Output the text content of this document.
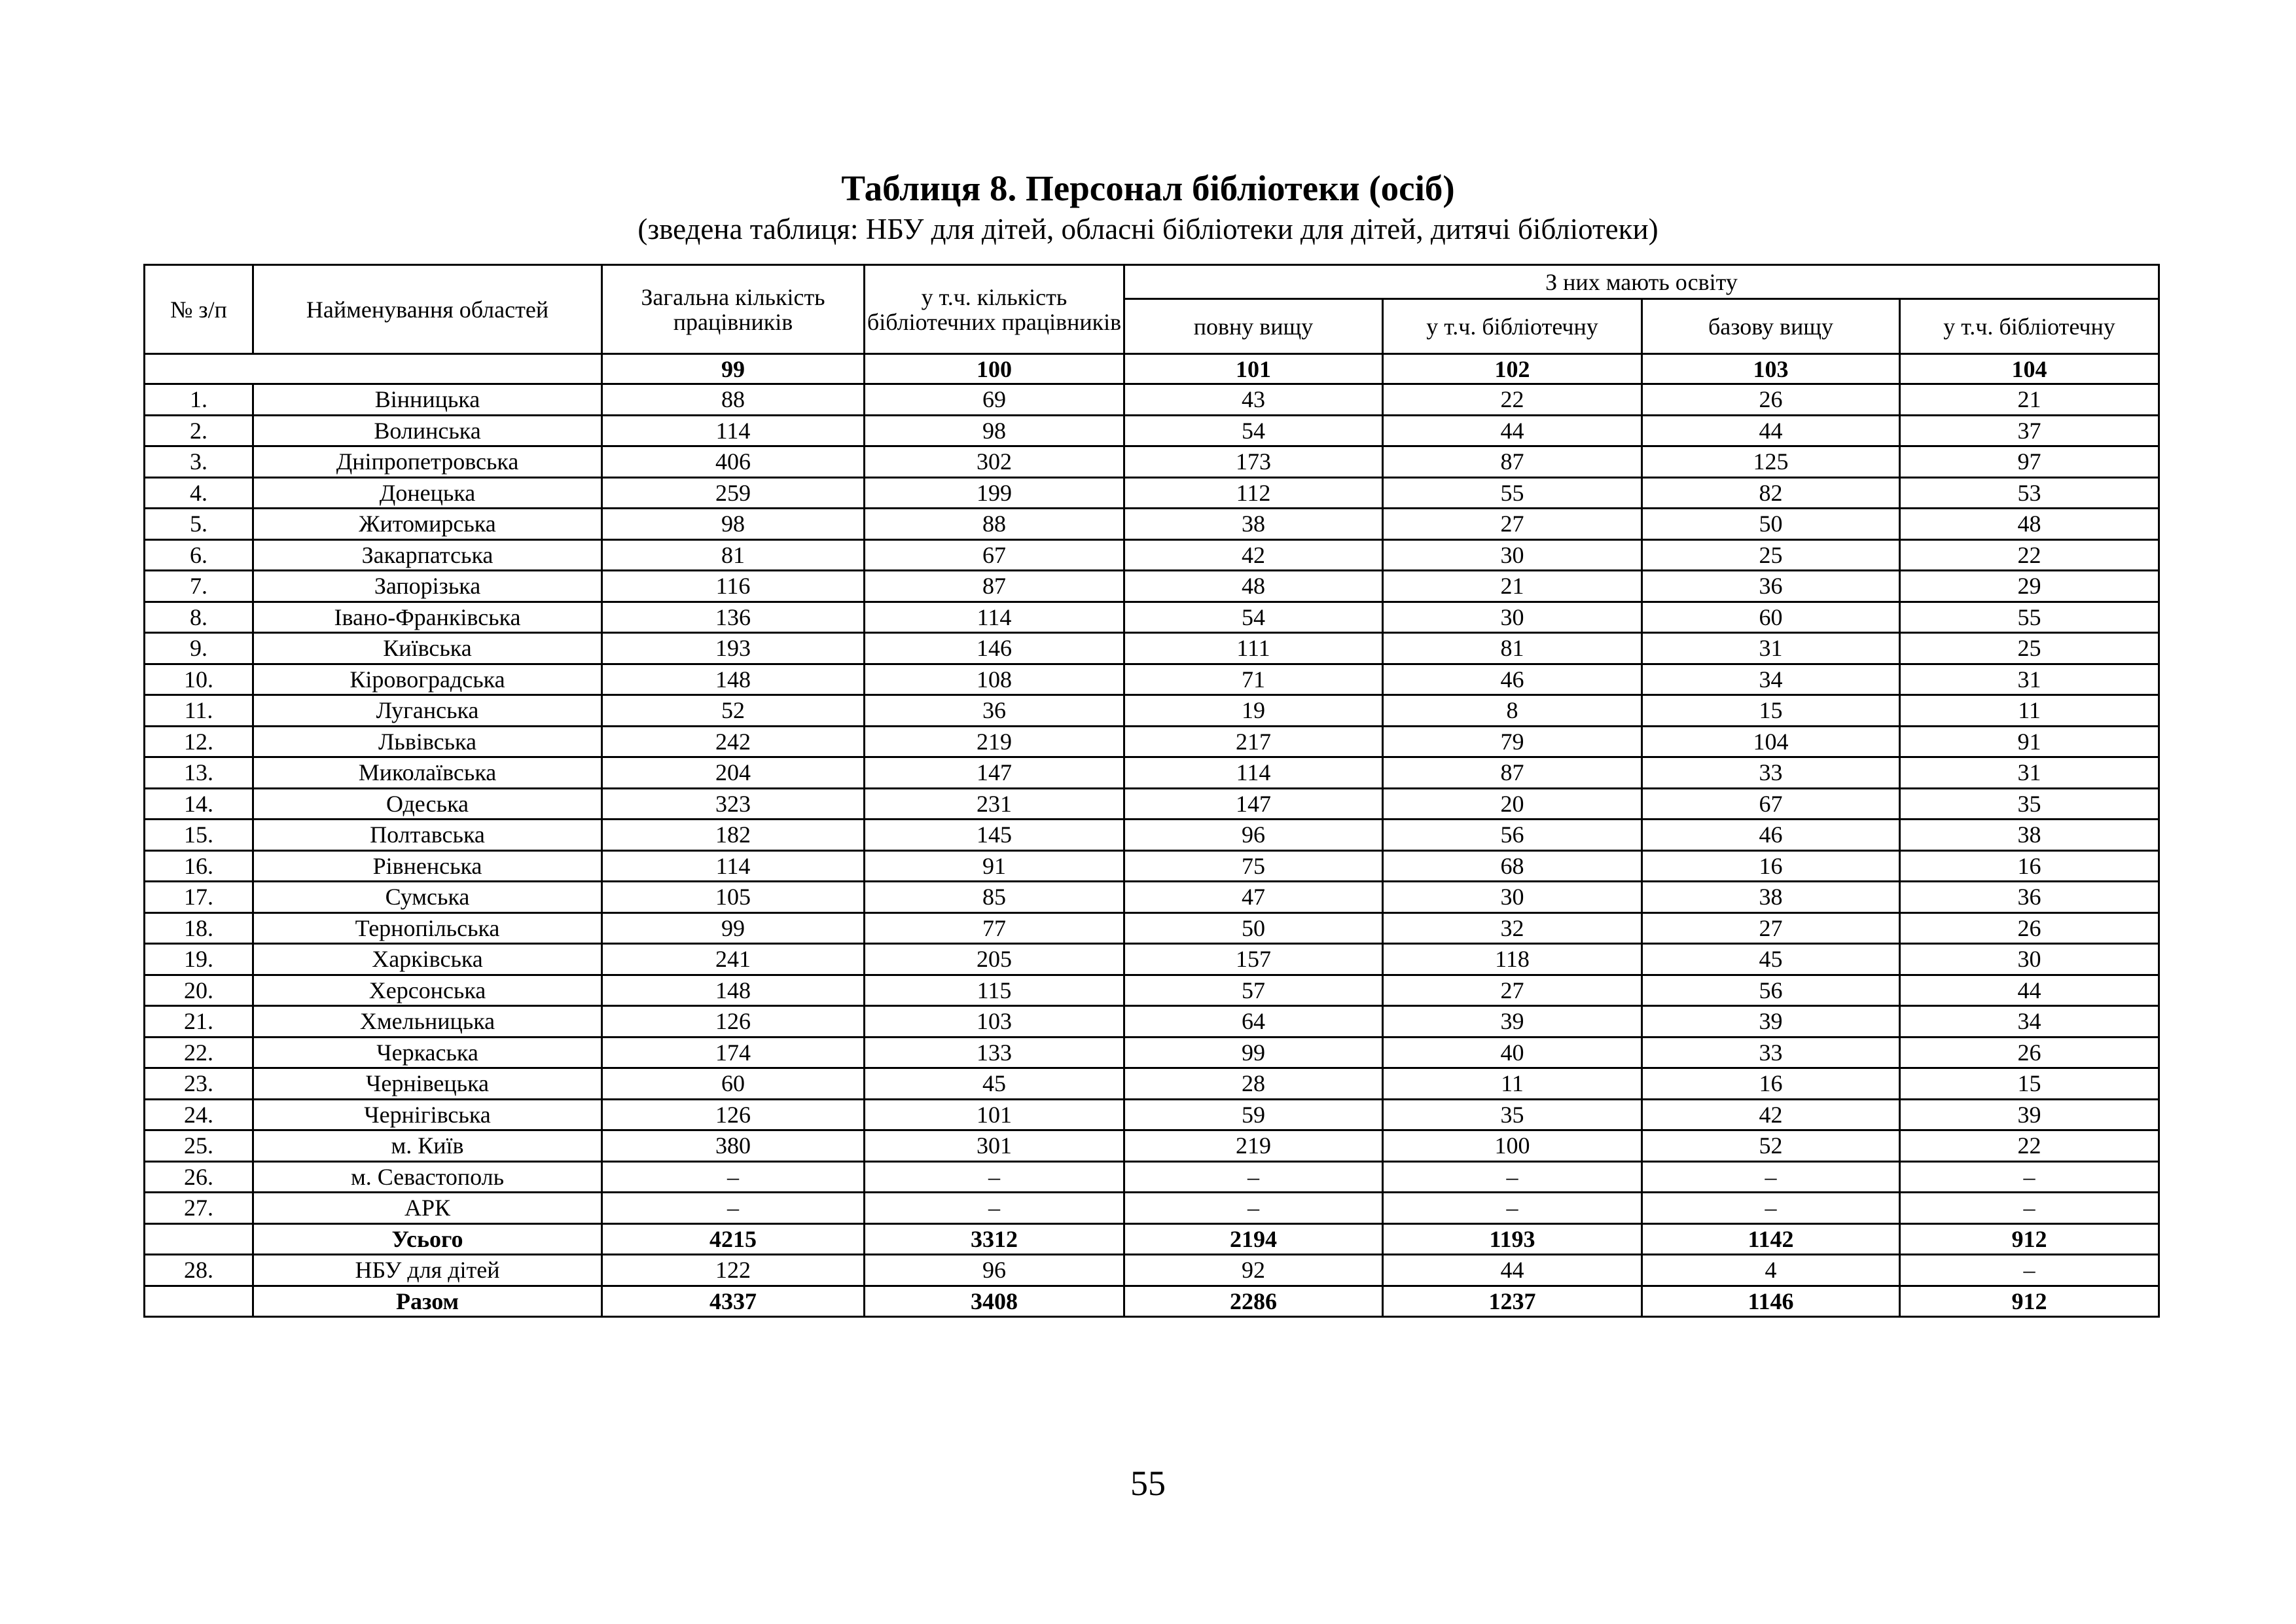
Таблиця 8. Персонал бібліотеки (осіб)
(зведена таблиця: НБУ для дітей, обласні бібліотеки для дітей, дитячі бібліотеки)
№ з/п	Найменування областей	Загальна кількість працівників	у т.ч. кількість бібліотечних працівників	З них мають освіту			
				повну вищу	у т.ч. бібліотечну	базову вищу	у т.ч. бібліотечну
		99	100	101	102	103	104
1.	Вінницька	88	69	43	22	26	21
2.	Волинська	114	98	54	44	44	37
3.	Дніпропетровська	406	302	173	87	125	97
4.	Донецька	259	199	112	55	82	53
5.	Житомирська	98	88	38	27	50	48
6.	Закарпатська	81	67	42	30	25	22
7.	Запорізька	116	87	48	21	36	29
8.	Івано-Франківська	136	114	54	30	60	55
9.	Київська	193	146	111	81	31	25
10.	Кіровоградська	148	108	71	46	34	31
11.	Луганська	52	36	19	8	15	11
12.	Львівська	242	219	217	79	104	91
13.	Миколаївська	204	147	114	87	33	31
14.	Одеська	323	231	147	20	67	35
15.	Полтавська	182	145	96	56	46	38
16.	Рівненська	114	91	75	68	16	16
17.	Сумська	105	85	47	30	38	36
18.	Тернопільська	99	77	50	32	27	26
19.	Харківська	241	205	157	118	45	30
20.	Херсонська	148	115	57	27	56	44
21.	Хмельницька	126	103	64	39	39	34
22.	Черкаська	174	133	99	40	33	26
23.	Чернівецька	60	45	28	11	16	15
24.	Чернігівська	126	101	59	35	42	39
25.	м. Київ	380	301	219	100	52	22
26.	м. Севастополь	–	–	–	–	–	–
27.	АРК	–	–	–	–	–	–
	Усього	4215	3312	2194	1193	1142	912
28.	НБУ для дітей	122	96	92	44	4	–
	Разом	4337	3408	2286	1237	1146	912
55
